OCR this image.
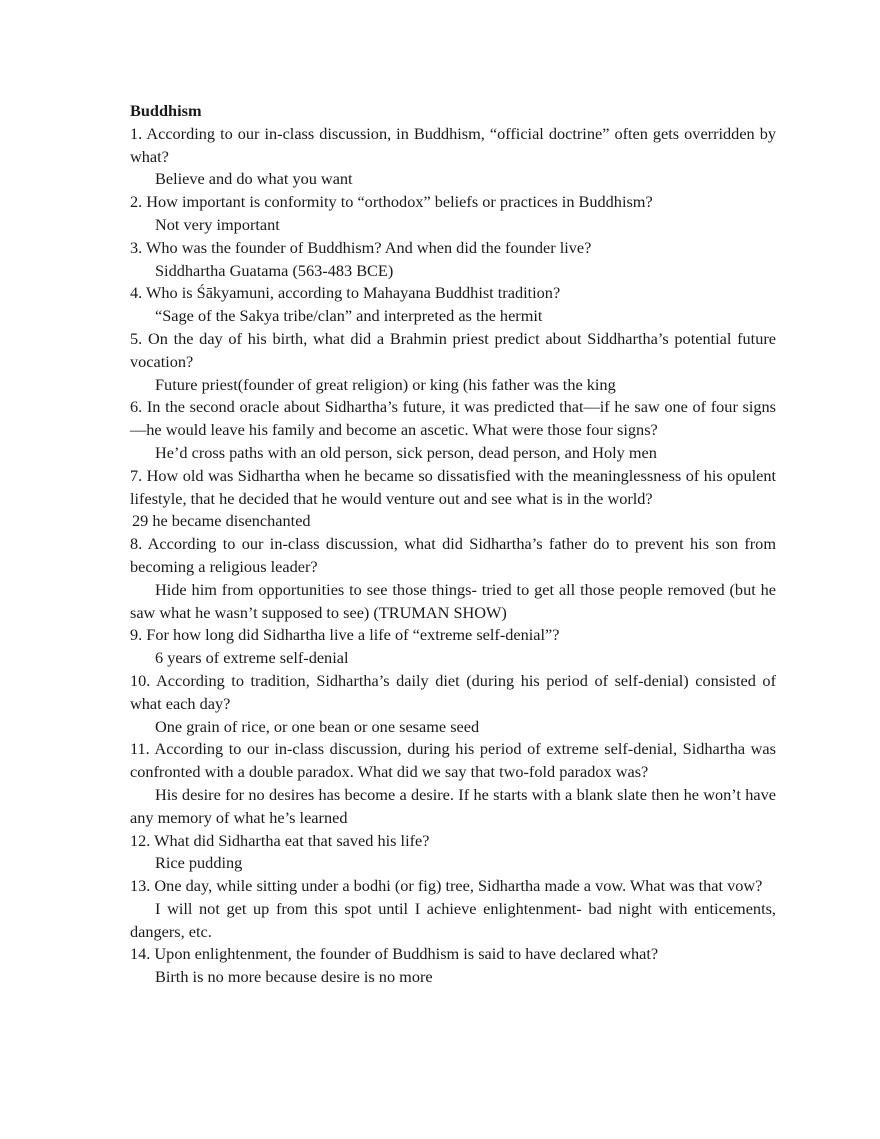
Buddhism

1. According to our in-class discussion, in Buddhism, “official doctrine” often gets overridden by what?

Believe and do what you want

2. How important is conformity to “orthodox” beliefs or practices in Buddhism?

Not very important

3. Who was the founder of Buddhism? And when did the founder live?

Siddhartha Guatama (563-483 BCE)

4. Who is Śākyamuni, according to Mahayana Buddhist tradition?

“Sage of the Sakya tribe/clan” and interpreted as the hermit

5. On the day of his birth, what did a Brahmin priest predict about Siddhartha’s potential future vocation?

Future priest(founder of great religion) or king (his father was the king

6. In the second oracle about Sidhartha’s future, it was predicted that—if he saw one of four signs—he would leave his family and become an ascetic. What were those four signs?

He’d cross paths with an old person, sick person, dead person, and Holy men

7. How old was Sidhartha when he became so dissatisfied with the meaninglessness of his opulent lifestyle, that he decided that he would venture out and see what is in the world?

29 he became disenchanted

8. According to our in-class discussion, what did Sidhartha’s father do to prevent his son from becoming a religious leader?

Hide him from opportunities to see those things- tried to get all those people removed (but he saw what he wasn’t supposed to see) (TRUMAN SHOW)

9. For how long did Sidhartha live a life of “extreme self-denial”?

6 years of extreme self-denial

10. According to tradition, Sidhartha’s daily diet (during his period of self-denial) consisted of what each day?

One grain of rice, or one bean or one sesame seed

11. According to our in-class discussion, during his period of extreme self-denial, Sidhartha was confronted with a double paradox. What did we say that two-fold paradox was?

His desire for no desires has become a desire. If he starts with a blank slate then he won’t have any memory of what he’s learned

12. What did Sidhartha eat that saved his life?

Rice pudding

13. One day, while sitting under a bodhi (or fig) tree, Sidhartha made a vow. What was that vow?

I will not get up from this spot until I achieve enlightenment- bad night with enticements, dangers, etc.

14. Upon enlightenment, the founder of Buddhism is said to have declared what?

Birth is no more because desire is no more
